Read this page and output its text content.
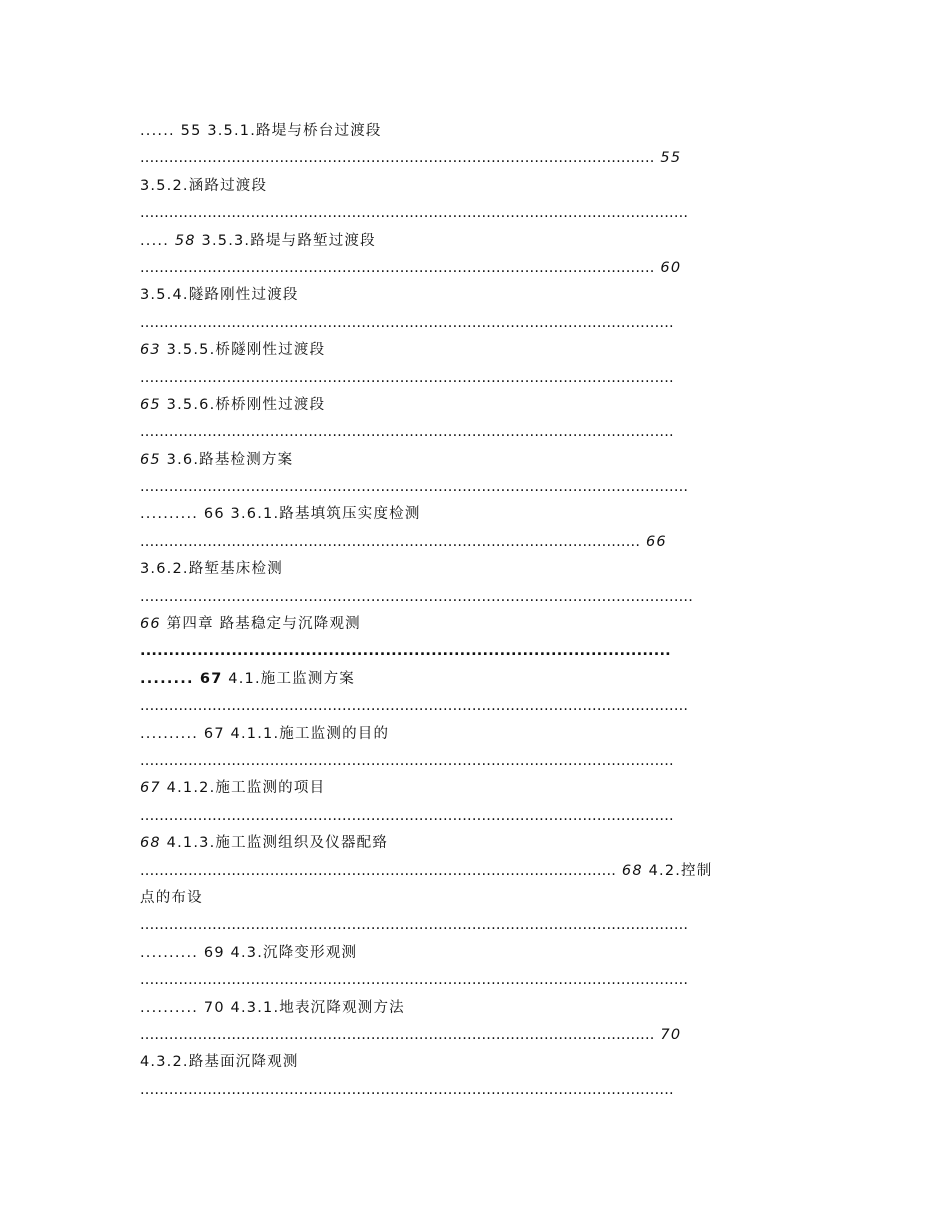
...... 55 3.5.1.路堤与桥台过渡段
........................................................................................................... 55
3.5.2.涵路过渡段
..................................................................................................................
..... 58 3.5.3.路堤与路堑过渡段
........................................................................................................... 60
3.5.4.隧路刚性过渡段
...............................................................................................................
63 3.5.5.桥隧刚性过渡段
...............................................................................................................
65 3.5.6.桥桥刚性过渡段
...............................................................................................................
65 3.6.路基检测方案
..................................................................................................................
.......... 66 3.6.1.路基填筑压实度检测
........................................................................................................ 66
3.6.2.路堑基床检测
...................................................................................................................
66 第四章 路基稳定与沉降观测
.............................................................................................
........ 67 4.1.施工监测方案
..................................................................................................................
.......... 67 4.1.1.施工监测的目的
...............................................................................................................
67 4.1.2.施工监测的项目
...............................................................................................................
68 4.1.3.施工监测组织及仪器配臵
................................................................................................... 68 4.2.控制
点的布设
..................................................................................................................
.......... 69 4.3.沉降变形观测
..................................................................................................................
.......... 70 4.3.1.地表沉降观测方法
........................................................................................................... 70
4.3.2.路基面沉降观测
...............................................................................................................
